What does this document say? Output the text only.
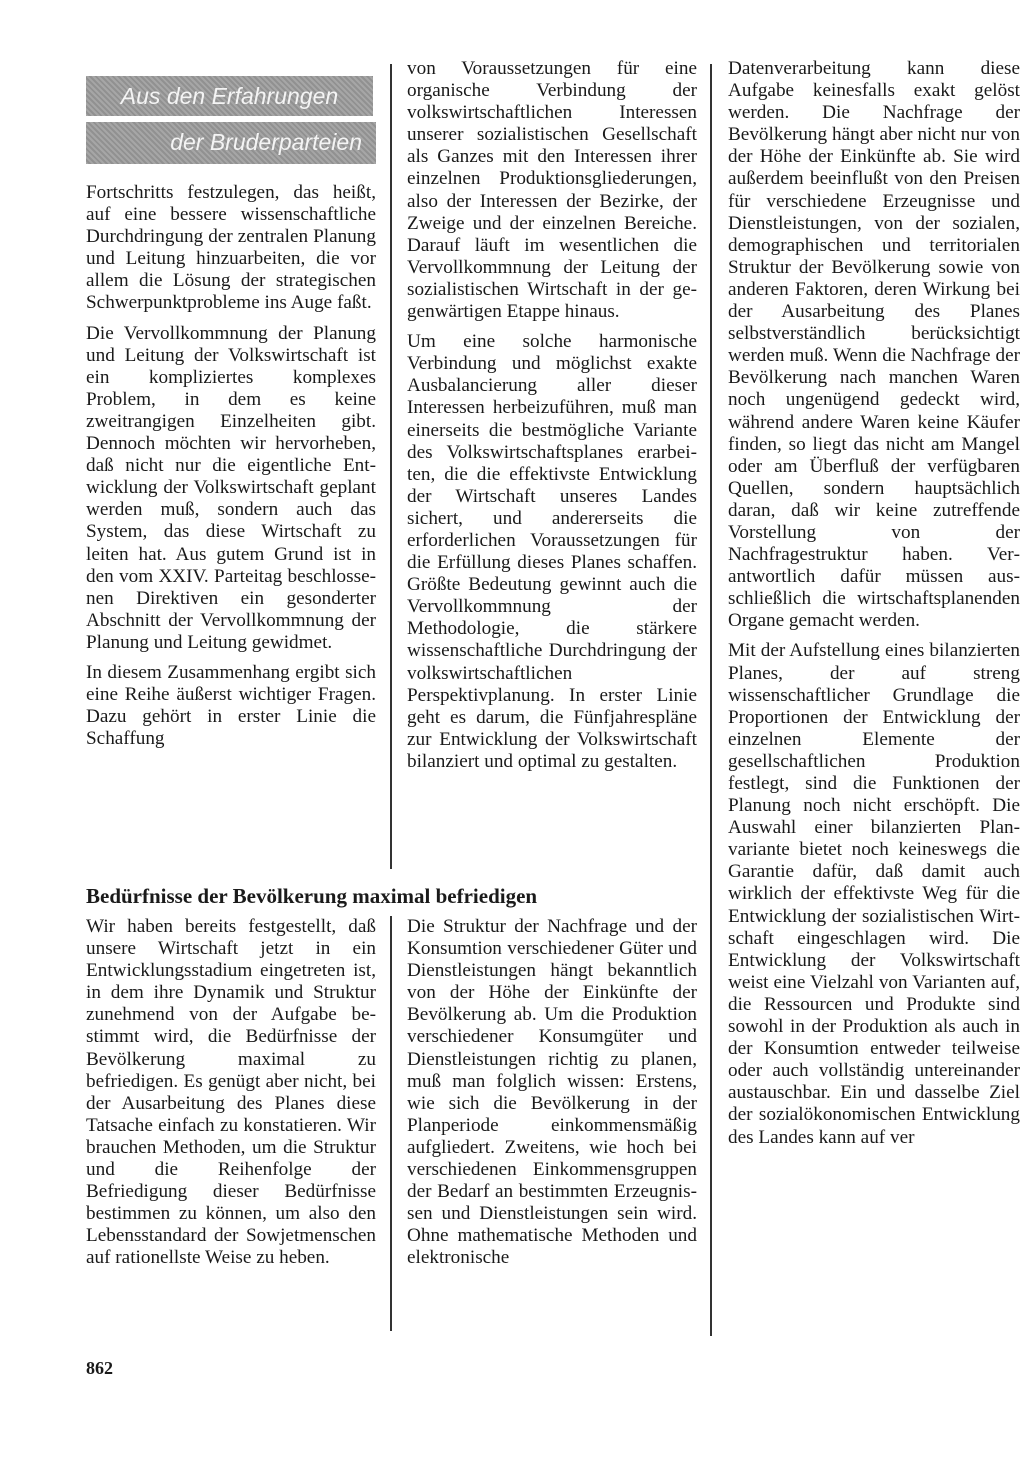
Aus den Erfahrungen
der Bruderparteien

Fortschritts festzulegen, das heißt, auf eine bessere wissenschaftliche Durchdringung der zentralen Planung und Leitung hinzuarbeiten, die vor allem die Lösung der strategischen Schwerpunktprobleme ins Auge faßt.

Die Vervollkommnung der Planung und Leitung der Volkswirtschaft ist ein kompliziertes komplexes Problem, in dem es keine zweitrangigen Einzelheiten gibt. Dennoch möchten wir hervorheben, daß nicht nur die eigentliche Entwicklung der Volkswirtschaft geplant werden muß, sondern auch das System, das diese Wirtschaft zu leiten hat. Aus gutem Grund ist in den vom XXIV. Parteitag beschlossenen Direktiven ein gesonderter Abschnitt der Vervollkommnung der Planung und Leitung gewidmet.

In diesem Zusammenhang ergibt sich eine Reihe äußerst wichtiger Fragen. Dazu gehört in erster Linie die Schaffung

von Voraussetzungen für eine organische Verbindung der volkswirtschaftlichen Interessen unserer sozialistischen Gesellschaft als Ganzes mit den Interessen ihrer einzelnen Produktionsgliederungen, also der Interessen der Bezirke, der Zweige und der einzelnen Bereiche. Darauf läuft im wesentlichen die Vervollkommnung der Leitung der sozialistischen Wirtschaft in der gegenwärtigen Etappe hinaus.

Um eine solche harmonische Verbindung und möglichst exakte Ausbalancierung aller dieser Interessen herbeizuführen, muß man einerseits die bestmögliche Variante des Volkswirtschaftsplanes erarbeiten, die die effektivste Entwicklung der Wirtschaft unseres Landes sichert, und andererseits die erforderlichen Voraussetzungen für die Erfüllung dieses Planes schaffen. Größte Bedeutung gewinnt auch die Vervollkommnung der Methodologie, die stärkere wissenschaftliche Durchdringung der volkswirtschaftlichen Perspektivplanung. In erster Linie geht es darum, die Fünfjahrespläne zur Entwicklung der Volkswirtschaft bilanziert und optimal zu gestalten.

Bedürfnisse der Bevölkerung maximal befriedigen

Wir haben bereits festgestellt, daß unsere Wirtschaft jetzt in ein Entwicklungsstadium eingetreten ist, in dem ihre Dynamik und Struktur zunehmend von der Aufgabe bestimmt wird, die Bedürfnisse der Bevölkerung maximal zu befriedigen. Es genügt aber nicht, bei der Ausarbeitung des Planes diese Tatsache einfach zu konstatieren. Wir brauchen Methoden, um die Struktur und die Reihenfolge der Befriedigung dieser Bedürfnisse bestimmen zu können, um also den Lebensstandard der Sowjetmenschen auf rationellste Weise zu heben.

Die Struktur der Nachfrage und der Konsumtion verschiedener Güter und Dienstleistungen hängt bekanntlich von der Höhe der Einkünfte der Bevölkerung ab. Um die Produktion verschiedener Konsumgüter und Dienstleistungen richtig zu planen, muß man folglich wissen: Erstens, wie sich die Bevölkerung in der Planperiode einkommensmäßig aufgliedert. Zweitens, wie hoch bei verschiedenen Einkommensgruppen der Bedarf an bestimmten Erzeugnissen und Dienstleistungen sein wird. Ohne mathematische Methoden und elektronische

Datenverarbeitung kann diese Aufgabe keinesfalls exakt gelöst werden. Die Nachfrage der Bevölkerung hängt aber nicht nur von der Höhe der Einkünfte ab. Sie wird außerdem beeinflußt von den Preisen für verschiedene Erzeugnisse und Dienstleistungen, von der sozialen, demographischen und territorialen Struktur der Bevölkerung sowie von anderen Faktoren, deren Wirkung bei der Ausarbeitung des Planes selbstverständlich berücksichtigt werden muß. Wenn die Nachfrage der Bevölkerung nach manchen Waren noch ungenügend gedeckt wird, während andere Waren keine Käufer finden, so liegt das nicht am Mangel oder am Überfluß der verfügbaren Quellen, sondern hauptsächlich daran, daß wir keine zutreffende Vorstellung von der Nachfragestruktur haben. Verantwortlich dafür müssen ausschließlich die wirtschaftsplanenden Organe gemacht werden.

Mit der Aufstellung eines bilanzierten Planes, der auf streng wissenschaftlicher Grundlage die Proportionen der Entwicklung der einzelnen Elemente der gesellschaftlichen Produktion festlegt, sind die Funktionen der Planung noch nicht erschöpft. Die Auswahl einer bilanzierten Planvariante bietet noch keineswegs die Garantie dafür, daß damit auch wirklich der effektivste Weg für die Entwicklung der sozialistischen Wirtschaft eingeschlagen wird. Die Entwicklung der Volkswirtschaft weist eine Vielzahl von Varianten auf, die Ressourcen und Produkte sind sowohl in der Produktion als auch in der Konsumtion entweder teilweise oder auch vollständig untereinander austauschbar. Ein und dasselbe Ziel der sozialökonomischen Entwicklung des Landes kann auf ver

862
